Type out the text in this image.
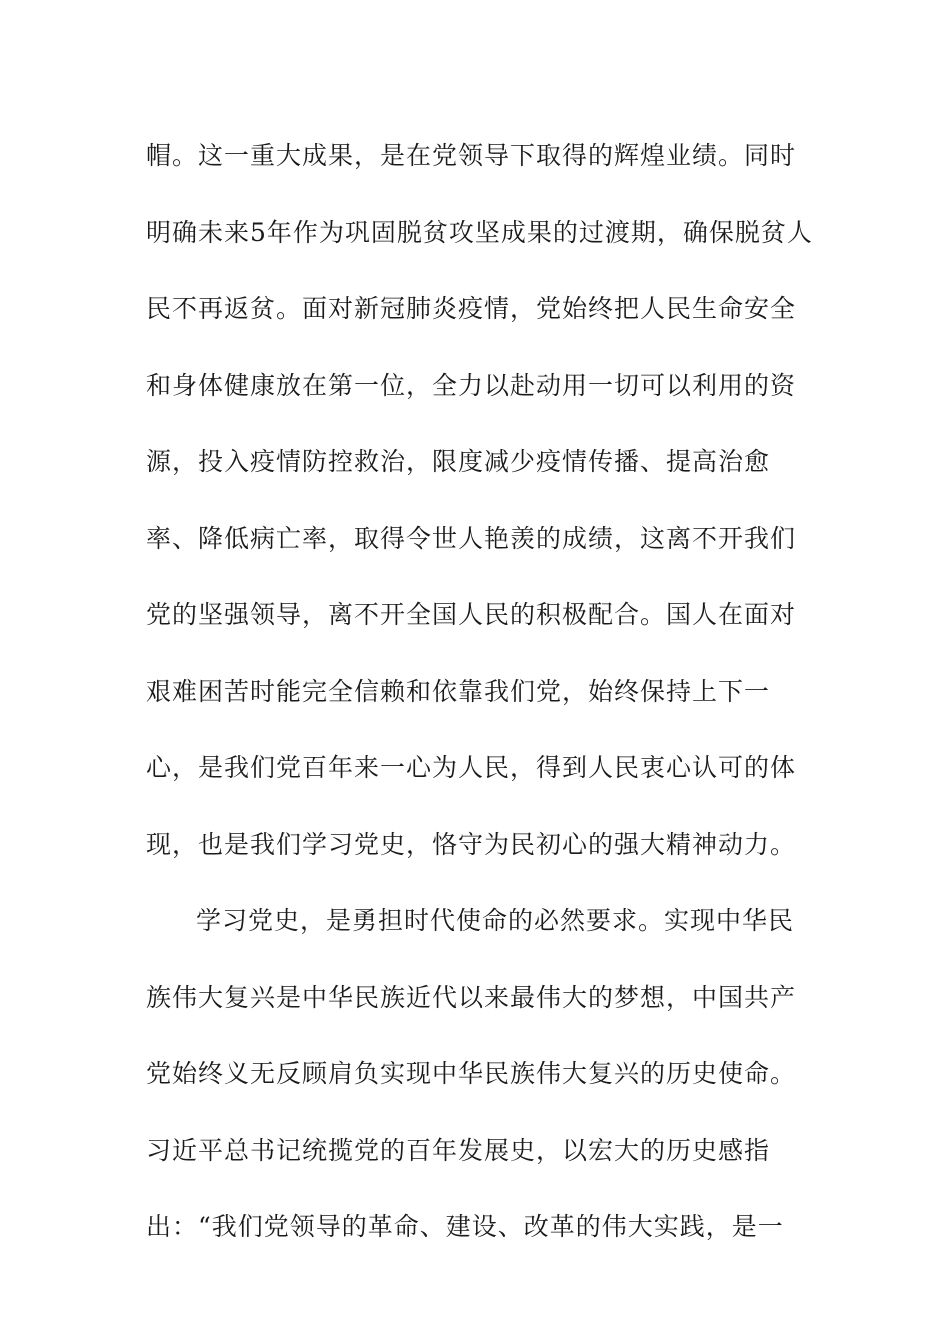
帽。这一重大成果，是在党领导下取得的辉煌业绩。同时
明确未来5年作为巩固脱贫攻坚成果的过渡期，确保脱贫人
民不再返贫。面对新冠肺炎疫情，党始终把人民生命安全
和身体健康放在第一位，全力以赴动用一切可以利用的资
源，投入疫情防控救治，限度减少疫情传播、提高治愈
率、降低病亡率，取得令世人艳羡的成绩，这离不开我们
党的坚强领导，离不开全国人民的积极配合。国人在面对
艰难困苦时能完全信赖和依靠我们党，始终保持上下一
心，是我们党百年来一心为人民，得到人民衷心认可的体
现，也是我们学习党史，恪守为民初心的强大精神动力。
学习党史，是勇担时代使命的必然要求。实现中华民
族伟大复兴是中华民族近代以来最伟大的梦想，中国共产
党始终义无反顾肩负实现中华民族伟大复兴的历史使命。
习近平总书记统揽党的百年发展史，以宏大的历史感指
出：“我们党领导的革命、建设、改革的伟大实践，是一
